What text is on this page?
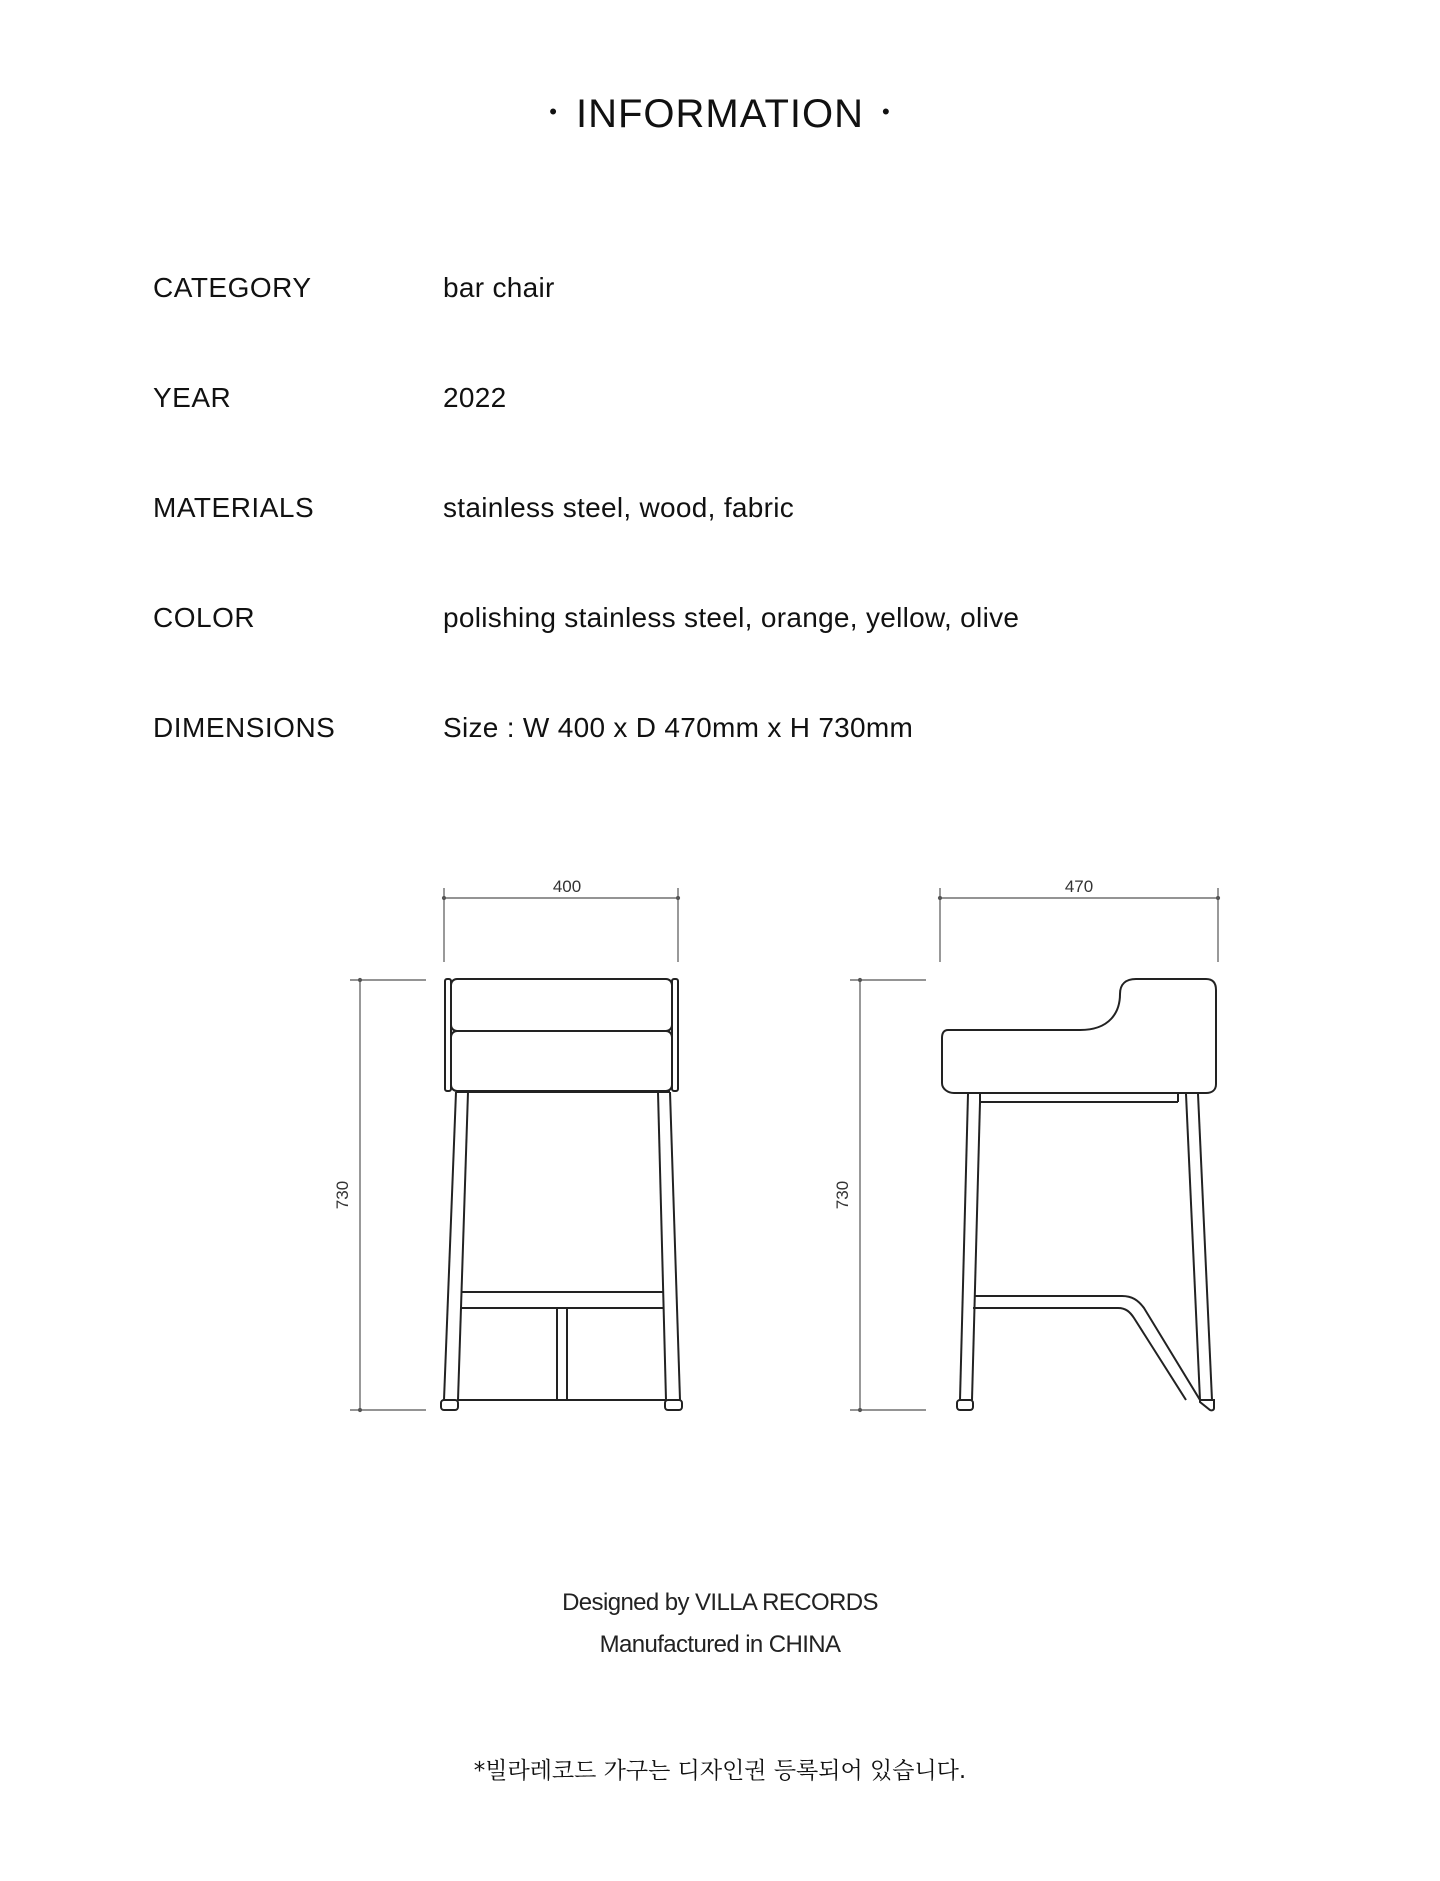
• INFORMATION •
CATEGORY	bar chair
YEAR	2022
MATERIALS	stainless steel, wood, fabric
COLOR	polishing stainless steel, orange, yellow, olive
DIMENSIONS	Size : W 400 x D 470mm x H 730mm
400
730
470
730
Designed by VILLA RECORDS
Manufactured in CHINA
*빌라레코드 가구는 디자인권 등록되어 있습니다.
